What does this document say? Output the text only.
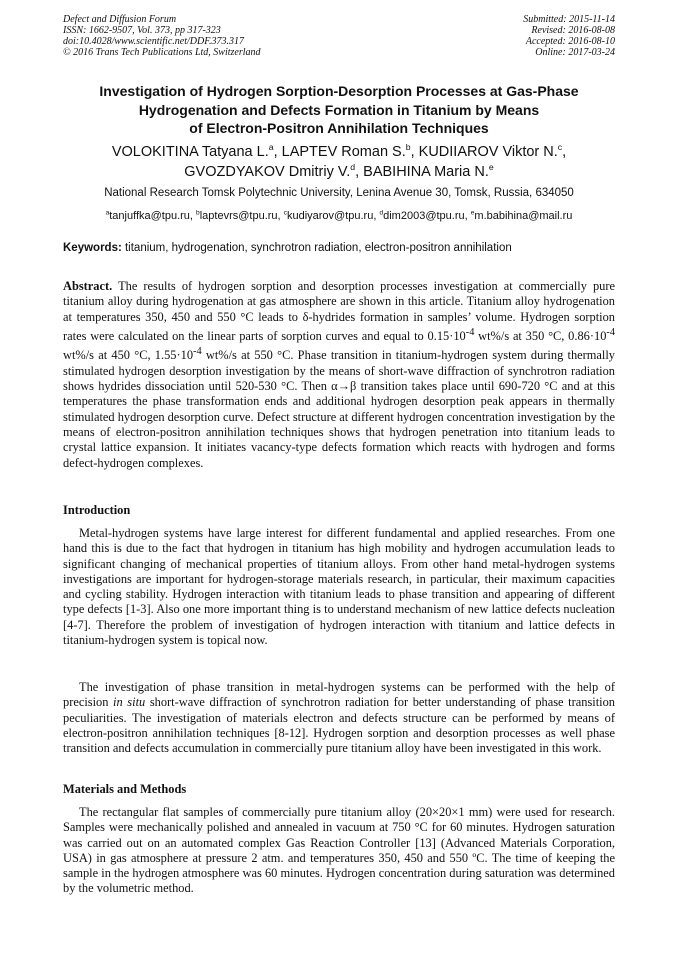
Defect and Diffusion Forum
ISSN: 1662-9507, Vol. 373, pp 317-323
doi:10.4028/www.scientific.net/DDF.373.317
© 2016 Trans Tech Publications Ltd, Switzerland
Submitted: 2015-11-14
Revised: 2016-08-08
Accepted: 2016-08-10
Online: 2017-03-24
Investigation of Hydrogen Sorption-Desorption Processes at Gas-Phase
Hydrogenation and Defects Formation in Titanium by Means
of Electron-Positron Annihilation Techniques
VOLOKITINA Tatyana L.$^a$, LAPTEV Roman S.$^b$, KUDIIAROV Viktor N.$^c$,
GVOZDYAKOV Dmitriy V.$^d$, BABIHINA Maria N.$^e$
National Research Tomsk Polytechnic University, Lenina Avenue 30, Tomsk, Russia, 634050
$^a$tanjuffka@tpu.ru, $^b$laptevrs@tpu.ru, $^c$kudiyarov@tpu.ru, $^d$dim2003@tpu.ru, $^e$m.babihina@mail.ru
Keywords: titanium, hydrogenation, synchrotron radiation, electron-positron annihilation

Abstract. The results of hydrogen sorption and desorption processes investigation at commercially pure titanium alloy during hydrogenation at gas atmosphere are shown in this article. Titanium alloy hydrogenation at temperatures 350, 450 and 550 °C leads to δ-hydrides formation in samples’ volume. Hydrogen sorption rates were calculated on the linear parts of sorption curves and equal to $0.15\cdot 10^{-4}$ wt%/s at 350 °C, $0.86\cdot 10^{-4}$ wt%/s at 450 °C, $1.55\cdot 10^{-4}$ wt%/s at 550 °C. Phase transition in titanium-hydrogen system during thermally stimulated hydrogen desorption investigation by the means of short-wave diffraction of synchrotron radiation shows hydrides dissociation until 520-530 °C. Then α→β transition takes place until 690-720 °C and at this temperatures the phase transformation ends and additional hydrogen desorption peak appears in thermally stimulated hydrogen desorption curve. Defect structure at different hydrogen concentration investigation by the means of electron-positron annihilation techniques shows that hydrogen penetration into titanium leads to crystal lattice expansion. It initiates vacancy-type defects formation which reacts with hydrogen and forms defect-hydrogen complexes.

Introduction

Metal-hydrogen systems have large interest for different fundamental and applied researches. From one hand this is due to the fact that hydrogen in titanium has high mobility and hydrogen accumulation leads to significant changing of mechanical properties of titanium alloys. From other hand metal-hydrogen systems investigations are important for hydrogen-storage materials research, in particular, their maximum capacities and cycling stability. Hydrogen interaction with titanium leads to phase transition and appearing of different type defects [1-3]. Also one more important thing is to understand mechanism of new lattice defects nucleation [4-7]. Therefore the problem of investigation of hydrogen interaction with titanium and lattice defects in titanium-hydrogen system is topical now.

The investigation of phase transition in metal-hydrogen systems can be performed with the help of precision in situ short-wave diffraction of synchrotron radiation for better understanding of phase transition peculiarities. The investigation of materials electron and defects structure can be performed by means of electron-positron annihilation techniques [8-12]. Hydrogen sorption and desorption processes as well phase transition and defects accumulation in commercially pure titanium alloy have been investigated in this work.

Materials and Methods

The rectangular flat samples of commercially pure titanium alloy (20×20×1 mm) were used for research. Samples were mechanically polished and annealed in vacuum at 750 °C for 60 minutes. Hydrogen saturation was carried out on an automated complex Gas Reaction Controller [13] (Advanced Materials Corporation, USA) in gas atmosphere at pressure 2 atm. and temperatures 350, 450 and 550 ºC. The time of keeping the sample in the hydrogen atmosphere was 60 minutes. Hydrogen concentration during saturation was determined by the volumetric method.
